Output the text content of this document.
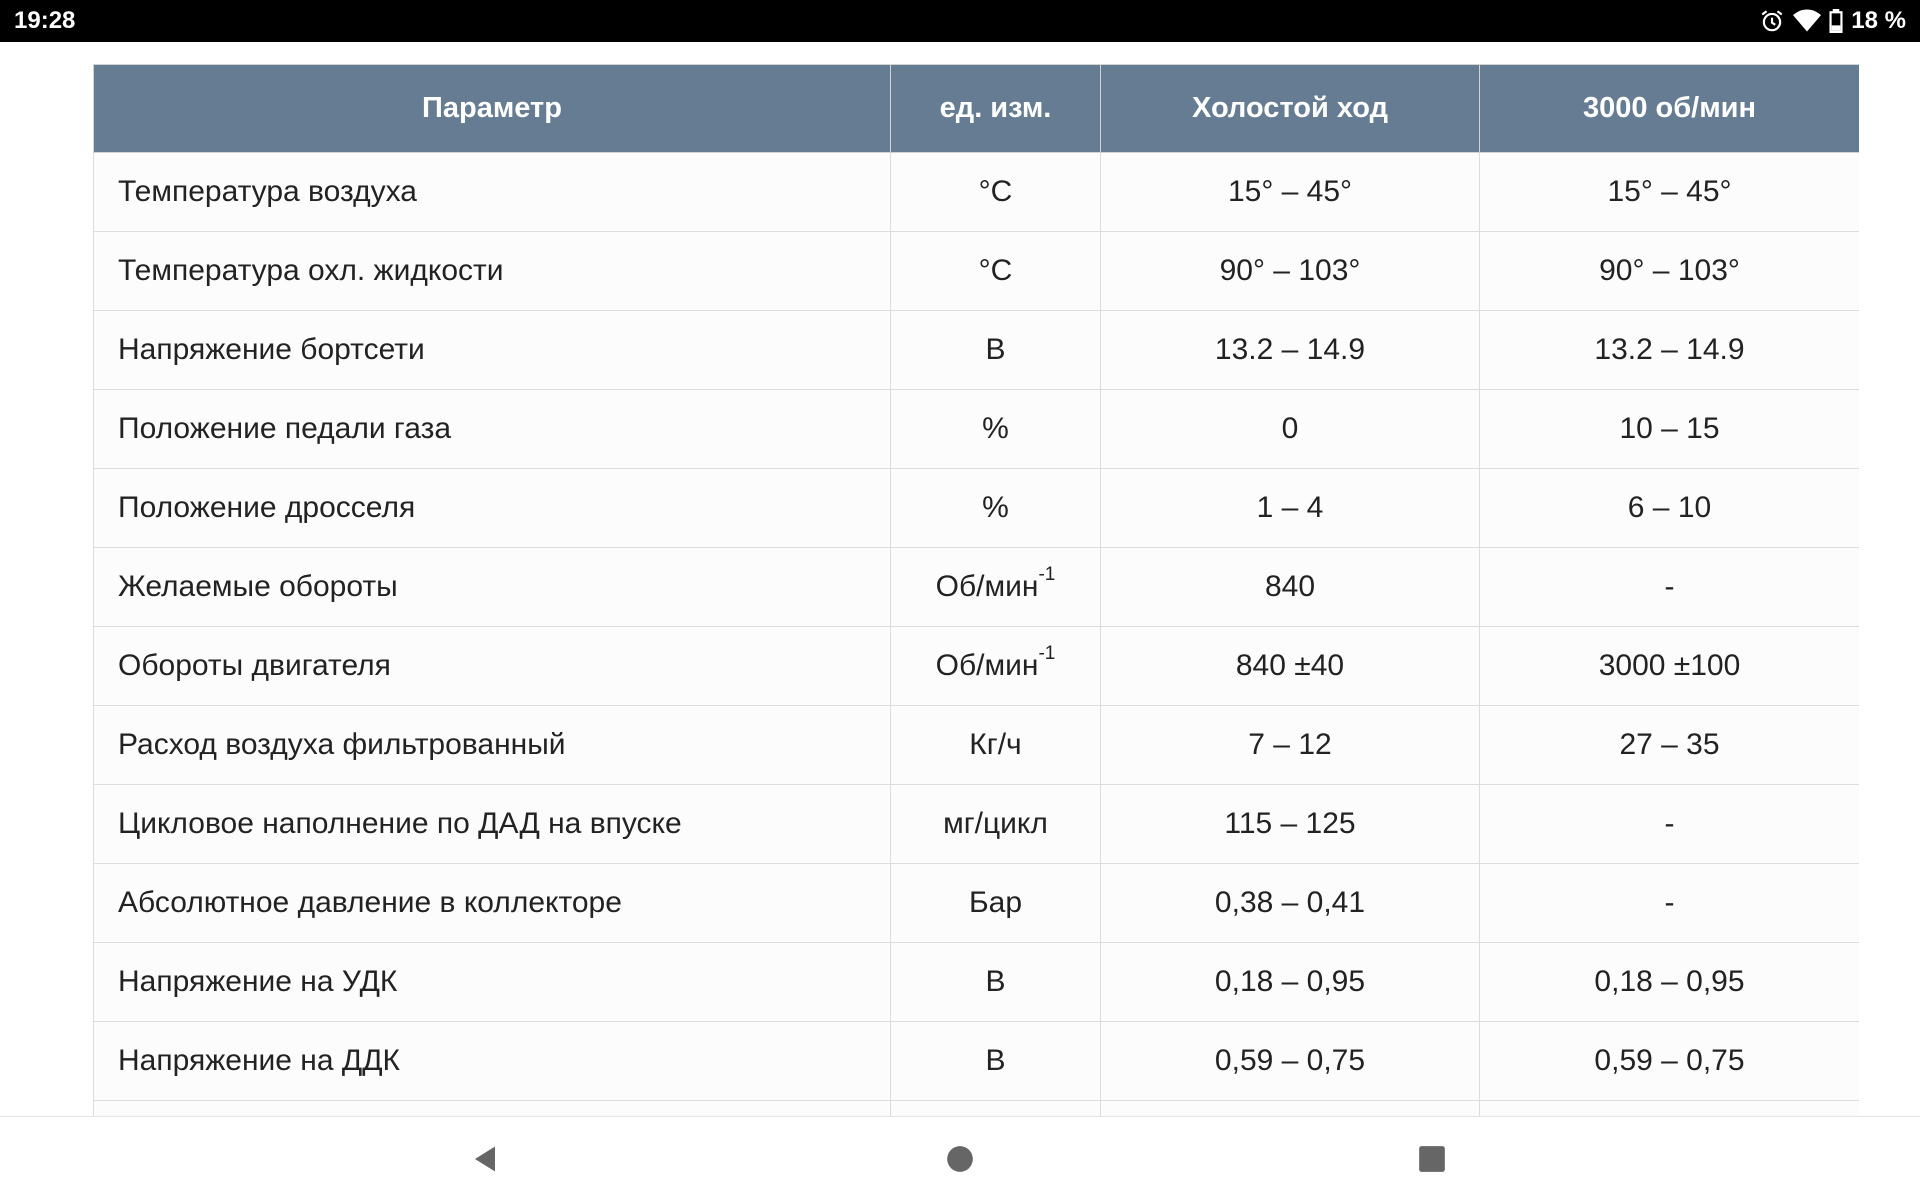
19:28	18 %
Параметр	ед. изм.	Холостой ход	3000 об/мин
Температура воздуха	°C	15° – 45°	15° – 45°
Температура охл. жидкости	°C	90° – 103°	90° – 103°
Напряжение бортсети	В	13.2 – 14.9	13.2 – 14.9
Положение педали газа	%	0	10 – 15
Положение дросселя	%	1 – 4	6 – 10
Желаемые обороты	Об/мин$^{-1}$	840	-
Обороты двигателя	Об/мин$^{-1}$	840 ±40	3000 ±100
Расход воздуха фильтрованный	Кг/ч	7 – 12	27 – 35
Цикловое наполнение по ДАД на впуске	мг/цикл	115 – 125	-
Абсолютное давление в коллекторе	Бар	0,38 – 0,41	-
Напряжение на УДК	В	0,18 – 0,95	0,18 – 0,95
Напряжение на ДДК	В	0,59 – 0,75	0,59 – 0,75
